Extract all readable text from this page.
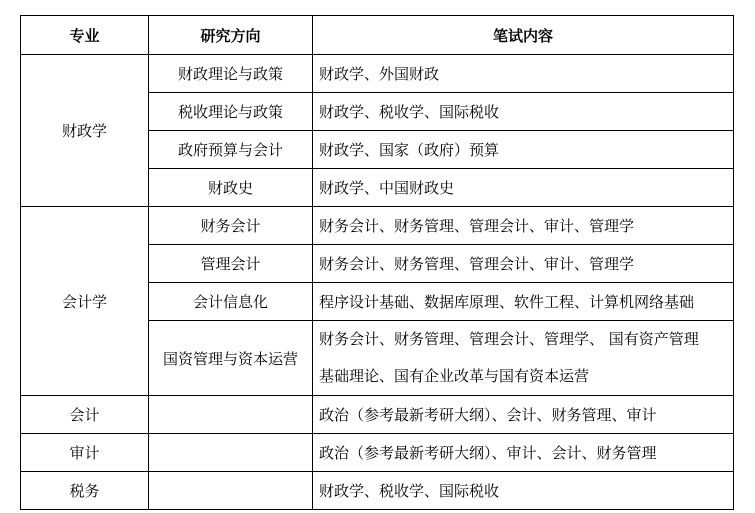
专业	研究方向	笔试内容
财政学	财政理论与政策	财政学、外国财政
	税收理论与政策	财政学、税收学、国际税收
	政府预算与会计	财政学、国家（政府）预算
	财政史	财政学、中国财政史
会计学	财务会计	财务会计、财务管理、管理会计、审计、管理学
	管理会计	财务会计、财务管理、管理会计、审计、管理学
	会计信息化	程序设计基础、数据库原理、软件工程、计算机网络基础
	国资管理与资本运营	财务会计、财务管理、管理会计、管理学、 国有资产管理
基础理论、国有企业改革与国有资本运营
会计		政治（参考最新考研大纲）、会计、财务管理、审计
审计		政治（参考最新考研大纲）、审计、会计、财务管理
税务		财政学、税收学、国际税收
